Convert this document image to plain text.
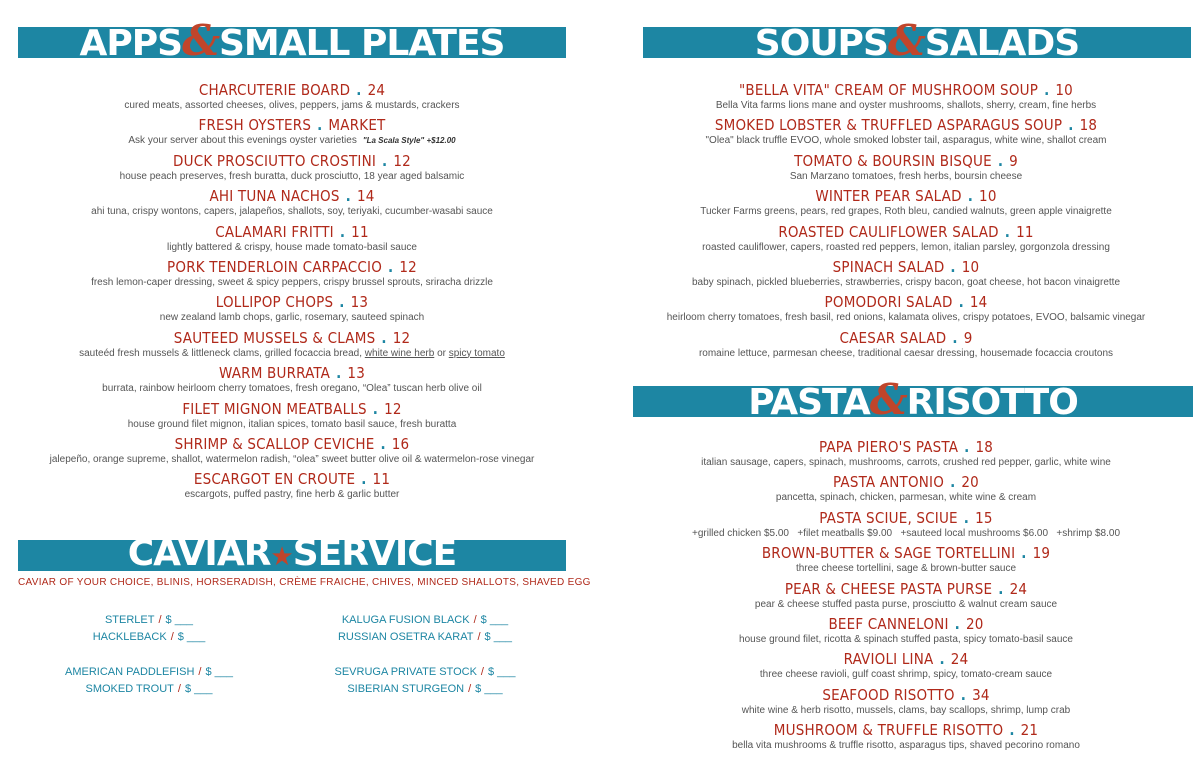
APPS&SMALL PLATES
CHARCUTERIE BOARD . 24
cured meats, assorted cheeses, olives, peppers, jams & mustards, crackers
FRESH OYSTERS . MARKET
Ask your server about this evenings oyster varieties "La Scala Style" +$12.00
DUCK PROSCIUTTO CROSTINI . 12
house peach preserves, fresh buratta, duck prosciutto, 18 year aged balsamic
AHI TUNA NACHOS . 14
ahi tuna, crispy wontons, capers, jalapeños, shallots, soy, teriyaki, cucumber-wasabi sauce
CALAMARI FRITTI . 11
lightly battered & crispy, house made tomato-basil sauce
PORK TENDERLOIN CARPACCIO . 12
fresh lemon-caper dressing, sweet & spicy peppers, crispy brussel sprouts, sriracha drizzle
LOLLIPOP CHOPS . 13
new zealand lamb chops, garlic, rosemary, sauteed spinach
SAUTEED MUSSELS & CLAMS . 12
sauteéd fresh mussels & littleneck clams, grilled focaccia bread, white wine herb or spicy tomato
WARM BURRATA . 13
burrata, rainbow heirloom cherry tomatoes, fresh oregano, “Olea” tuscan herb olive oil
FILET MIGNON MEATBALLS . 12
house ground filet mignon, italian spices, tomato basil sauce, fresh buratta
SHRIMP & SCALLOP CEVICHE . 16
jalepeño, orange supreme, shallot, watermelon radish, “olea” sweet butter olive oil & watermelon-rose vinegar
ESCARGOT EN CROUTE . 11
escargots, puffed pastry, fine herb & garlic butter
CAVIAR★SERVICE
CAVIAR OF YOUR CHOICE, BLINIS, HORSERADISH, CRÈME FRAICHE, CHIVES, MINCED SHALLOTS, SHAVED EGG
STERLET / $ ___
HACKLEBACK / $ ___
AMERICAN PADDLEFISH / $ ___
SMOKED TROUT / $ ___
KALUGA FUSION BLACK / $ ___
RUSSIAN OSETRA KARAT / $ ___
SEVRUGA PRIVATE STOCK / $ ___
SIBERIAN STURGEON / $ ___
SOUPS&SALADS
"BELLA VITA" CREAM OF MUSHROOM SOUP . 10
Bella Vita farms lions mane and oyster mushrooms, shallots, sherry, cream, fine herbs
SMOKED LOBSTER & TRUFFLED ASPARAGUS SOUP . 18
"Olea" black truffle EVOO, whole smoked lobster tail, asparagus, white wine, shallot cream
TOMATO & BOURSIN BISQUE . 9
San Marzano tomatoes, fresh herbs, boursin cheese
WINTER PEAR SALAD . 10
Tucker Farms greens, pears, red grapes, Roth bleu, candied walnuts, green apple vinaigrette
ROASTED CAULIFLOWER SALAD . 11
roasted cauliflower, capers, roasted red peppers, lemon, italian parsley, gorgonzola dressing
SPINACH SALAD . 10
baby spinach, pickled blueberries, strawberries, crispy bacon, goat cheese, hot bacon vinaigrette
POMODORI SALAD . 14
heirloom cherry tomatoes, fresh basil, red onions, kalamata olives, crispy potatoes, EVOO, balsamic vinegar
CAESAR SALAD . 9
romaine lettuce, parmesan cheese, traditional caesar dressing, housemade focaccia croutons
PASTA&RISOTTO
PAPA PIERO'S PASTA . 18
italian sausage, capers, spinach, mushrooms, carrots, crushed red pepper, garlic, white wine
PASTA ANTONIO . 20
pancetta, spinach, chicken, parmesan, white wine & cream
PASTA SCIUE, SCIUE . 15
+grilled chicken $5.00   +filet meatballs $9.00   +sauteed local mushrooms $6.00   +shrimp $8.00
BROWN-BUTTER & SAGE TORTELLINI . 19
three cheese tortellini, sage & brown-butter sauce
PEAR & CHEESE PASTA PURSE . 24
pear & cheese stuffed pasta purse, prosciutto & walnut cream sauce
BEEF CANNELONI . 20
house ground filet, ricotta & spinach stuffed pasta, spicy tomato-basil sauce
RAVIOLI LINA . 24
three cheese ravioli, gulf coast shrimp, spicy, tomato-cream sauce
SEAFOOD RISOTTO . 34
white wine & herb risotto, mussels, clams, bay scallops, shrimp, lump crab
MUSHROOM & TRUFFLE RISOTTO . 21
bella vita mushrooms & truffle risotto, asparagus tips, shaved pecorino romano
